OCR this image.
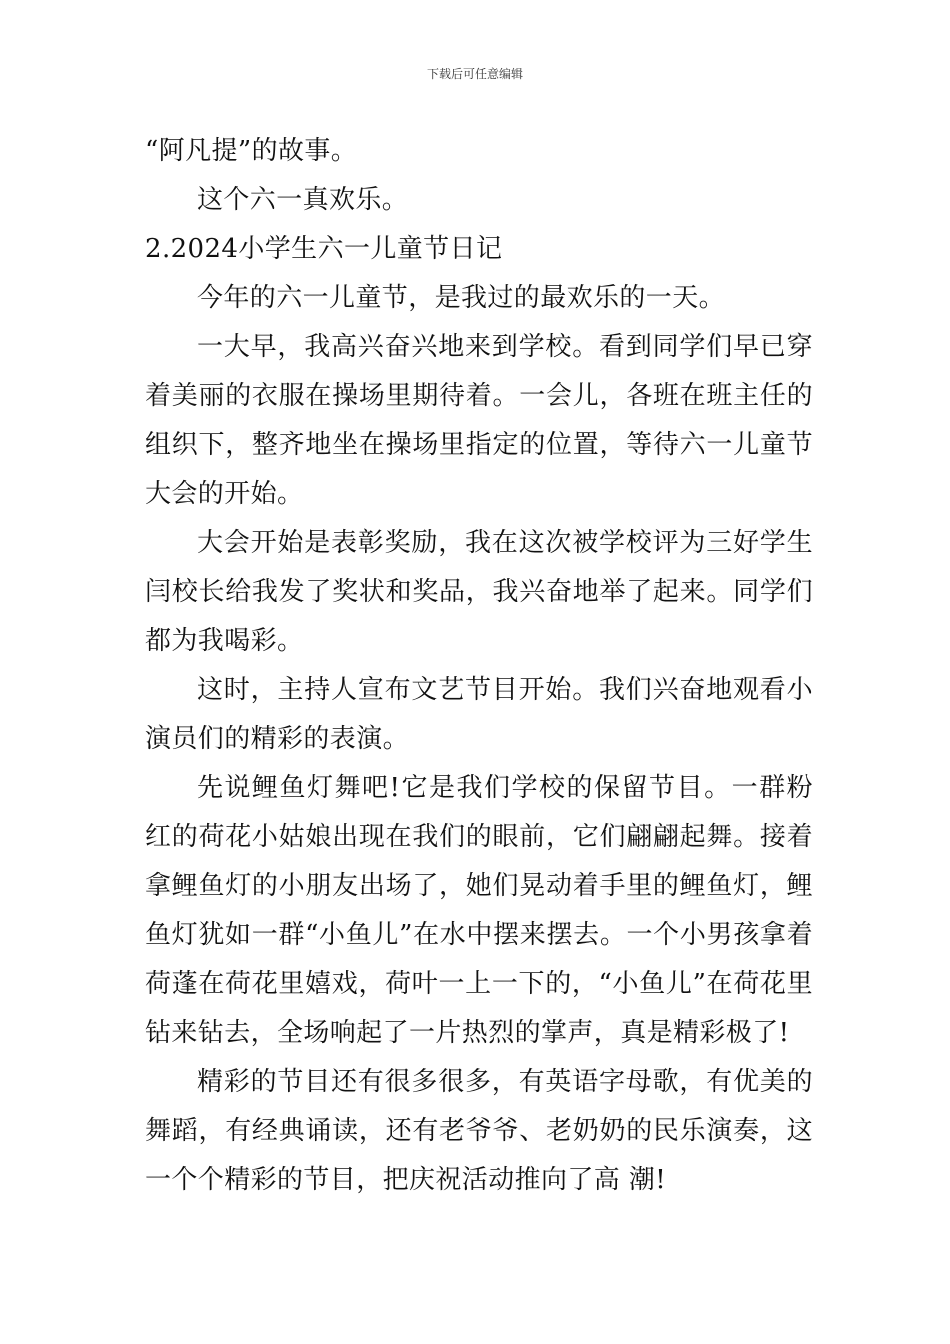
下载后可任意编辑

“阿凡提”的故事。

这个六一真欢乐。

2.2024小学生六一儿童节日记

今年的六一儿童节，是我过的最欢乐的一天。

一大早，我高兴奋兴地来到学校。看到同学们早已穿着美丽的衣服在操场里期待着。一会儿，各班在班主任的组织下，整齐地坐在操场里指定的位置，等待六一儿童节大会的开始。

大会开始是表彰奖励，我在这次被学校评为三好学生闫校长给我发了奖状和奖品，我兴奋地举了起来。同学们都为我喝彩。

这时，主持人宣布文艺节目开始。我们兴奋地观看小演员们的精彩的表演。

先说鲤鱼灯舞吧!它是我们学校的保留节目。一群粉红的荷花小姑娘出现在我们的眼前，它们翩翩起舞。接着拿鲤鱼灯的小朋友出场了，她们晃动着手里的鲤鱼灯，鲤鱼灯犹如一群“小鱼儿”在水中摆来摆去。一个小男孩拿着荷蓬在荷花里嬉戏，荷叶一上一下的，“小鱼儿”在荷花里钻来钻去，全场响起了一片热烈的掌声，真是精彩极了!

精彩的节目还有很多很多，有英语字母歌，有优美的舞蹈，有经典诵读，还有老爷爷、老奶奶的民乐演奏，这一个个精彩的节目，把庆祝活动推向了高 潮!
